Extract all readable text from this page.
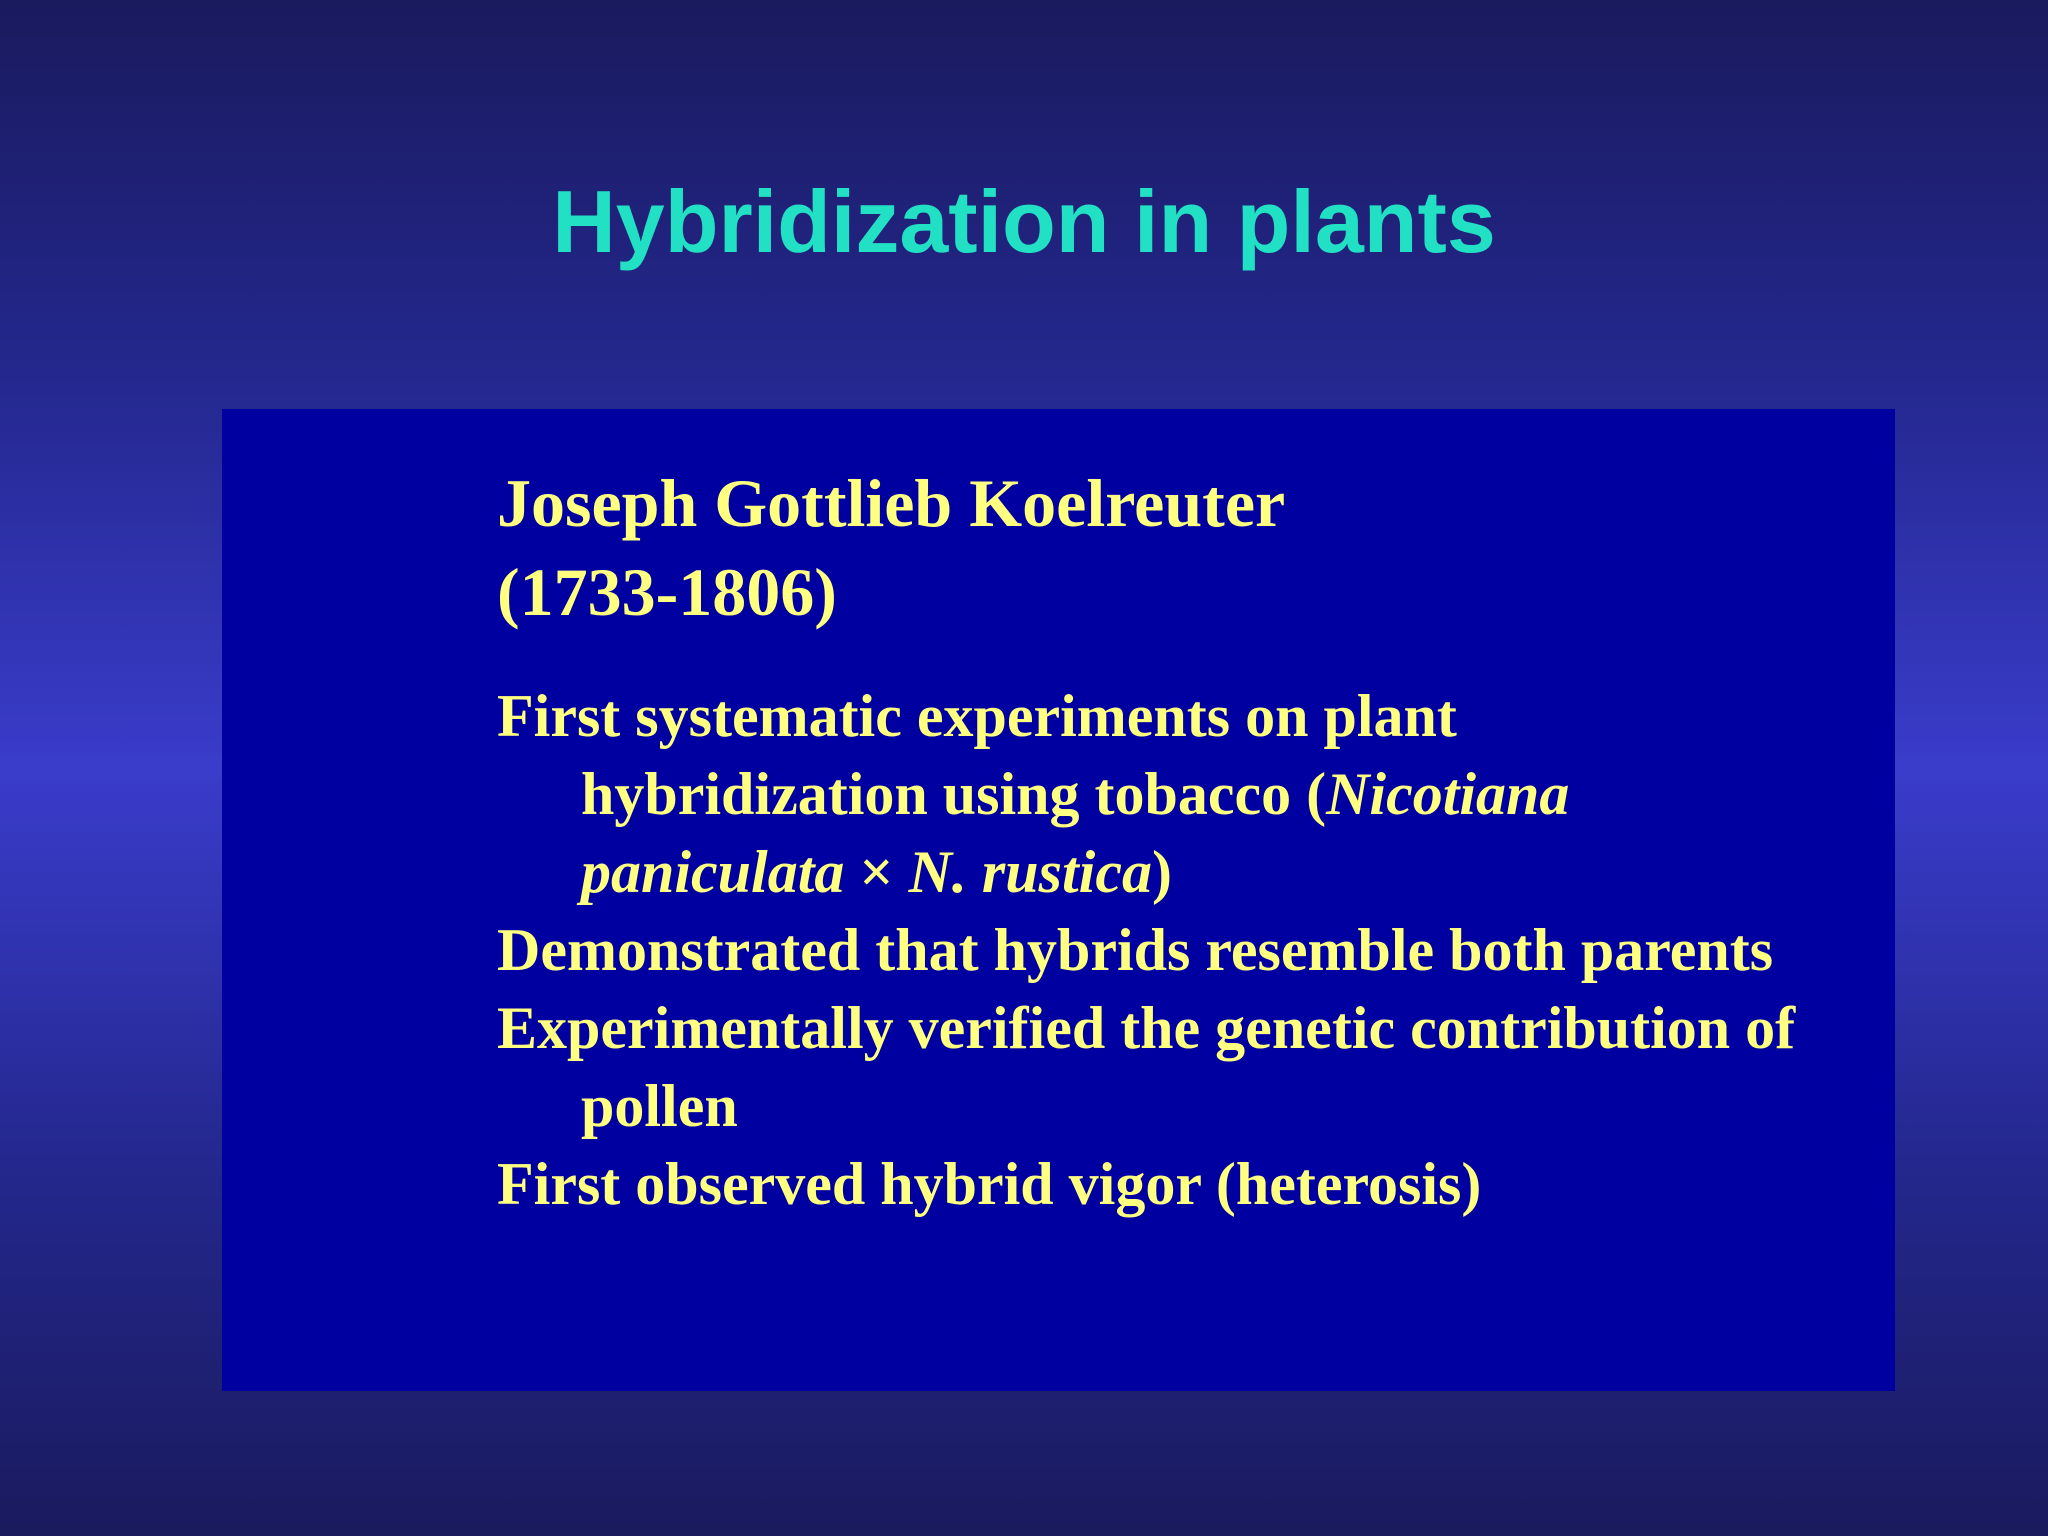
Hybridization in plants

Joseph Gottlieb Koelreuter

(1733-1806)

First systematic experiments on plant hybridization using tobacco (Nicotiana paniculata × N. rustica)
Demonstrated that hybrids resemble both parents
Experimentally verified the genetic contribution of pollen
First observed hybrid vigor (heterosis)
